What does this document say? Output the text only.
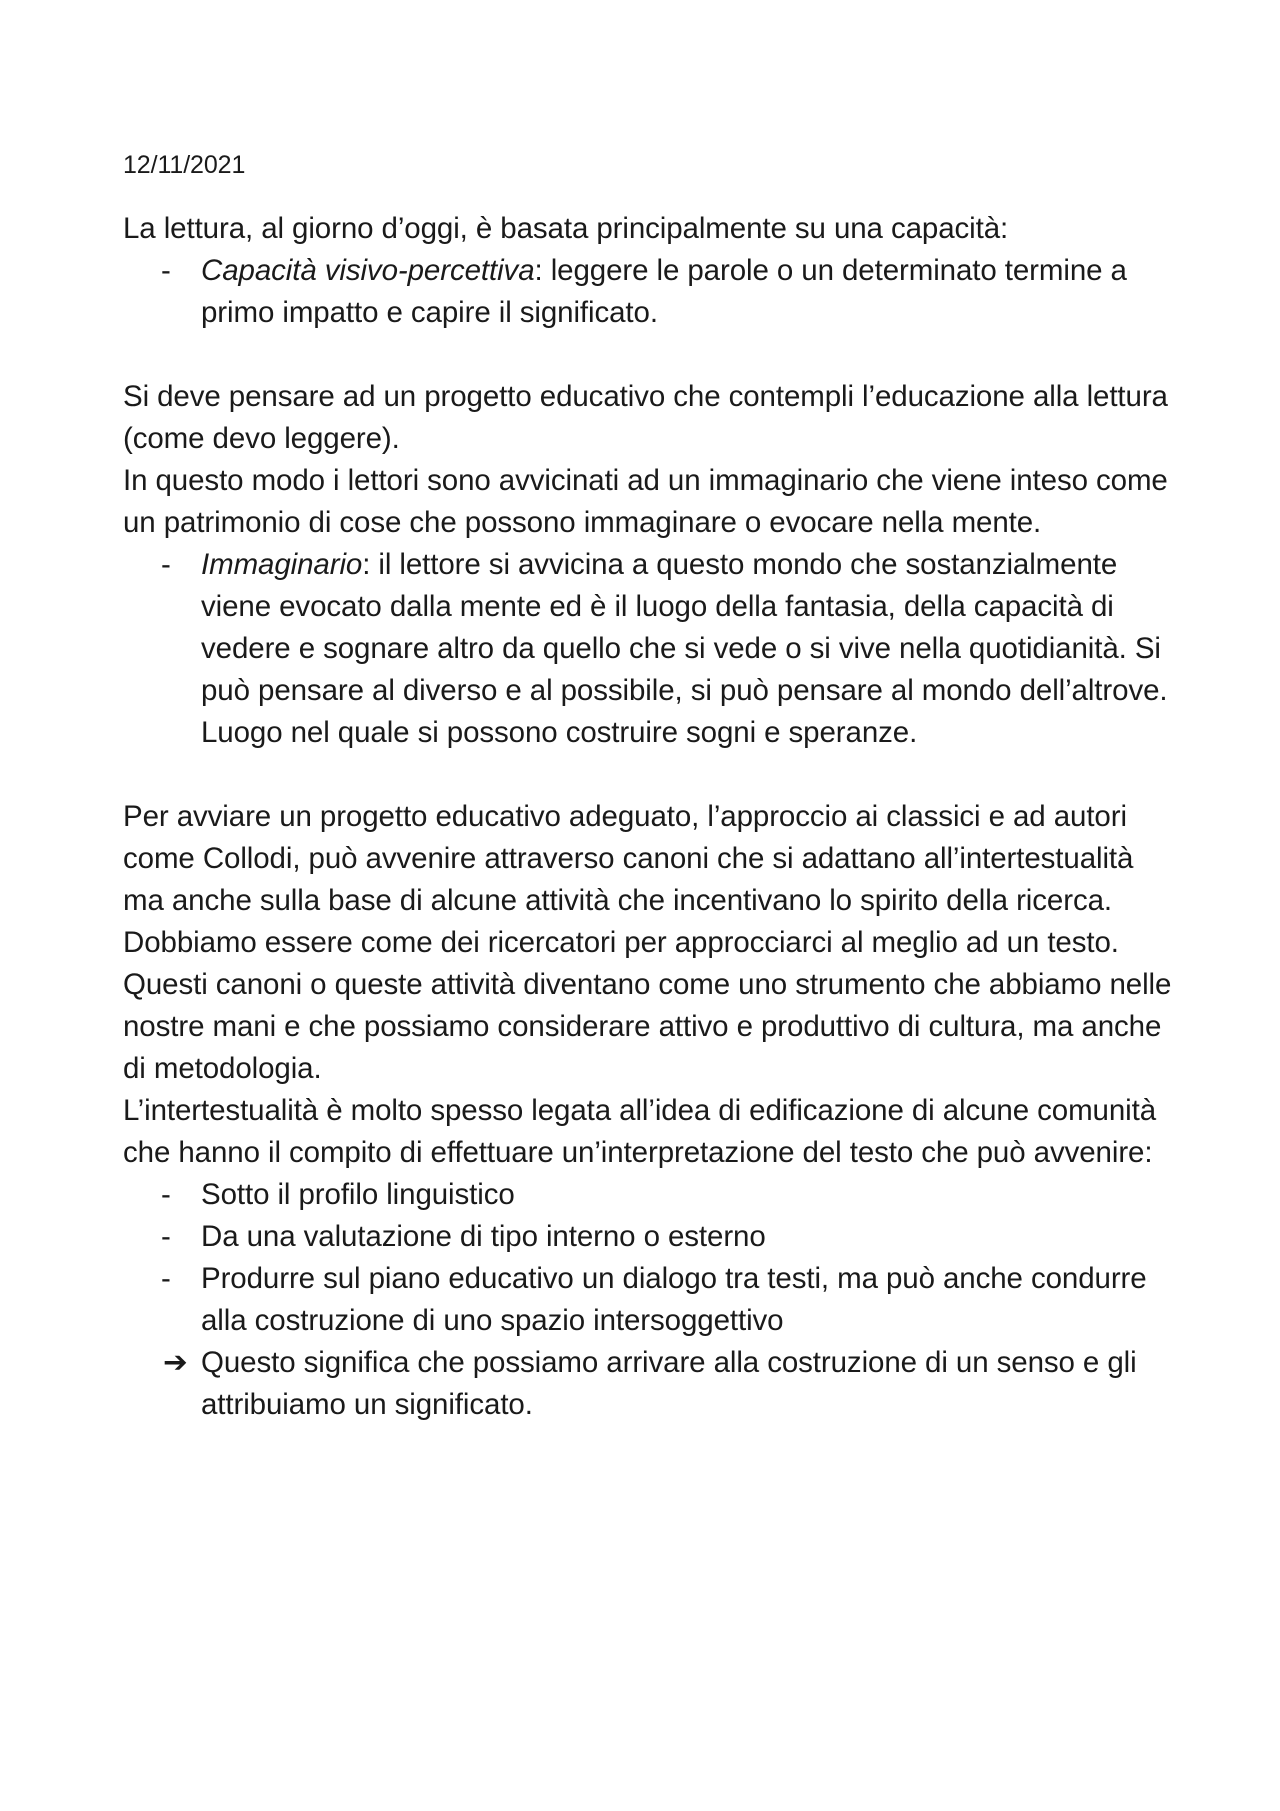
12/11/2021

La lettura, al giorno d’oggi, è basata principalmente su una capacità:

-	Capacità visivo-percettiva: leggere le parole o un determinato termine a primo impatto e capire il significato.

Si deve pensare ad un progetto educativo che contempli l’educazione alla lettura (come devo leggere).

In questo modo i lettori sono avvicinati ad un immaginario che viene inteso come un patrimonio di cose che possono immaginare o evocare nella mente.

-	Immaginario: il lettore si avvicina a questo mondo che sostanzialmente viene evocato dalla mente ed è il luogo della fantasia, della capacità di vedere e sognare altro da quello che si vede o si vive nella quotidianità. Si può pensare al diverso e al possibile, si può pensare al mondo dell’altrove. Luogo nel quale si possono costruire sogni e speranze.

Per avviare un progetto educativo adeguato, l’approccio ai classici e ad autori come Collodi, può avvenire attraverso canoni che si adattano all’intertestualità ma anche sulla base di alcune attività che incentivano lo spirito della ricerca. Dobbiamo essere come dei ricercatori per approcciarci al meglio ad un testo.

Questi canoni o queste attività diventano come uno strumento che abbiamo nelle nostre mani e che possiamo considerare attivo e produttivo di cultura, ma anche di metodologia.

L’intertestualità è molto spesso legata all’idea di edificazione di alcune comunità che hanno il compito di effettuare un’interpretazione del testo che può avvenire:

-	Sotto il profilo linguistico
-	Da una valutazione di tipo interno o esterno
-	Produrre sul piano educativo un dialogo tra testi, ma può anche condurre alla costruzione di uno spazio intersoggettivo
➔ Questo significa che possiamo arrivare alla costruzione di un senso e gli attribuiamo un significato.
